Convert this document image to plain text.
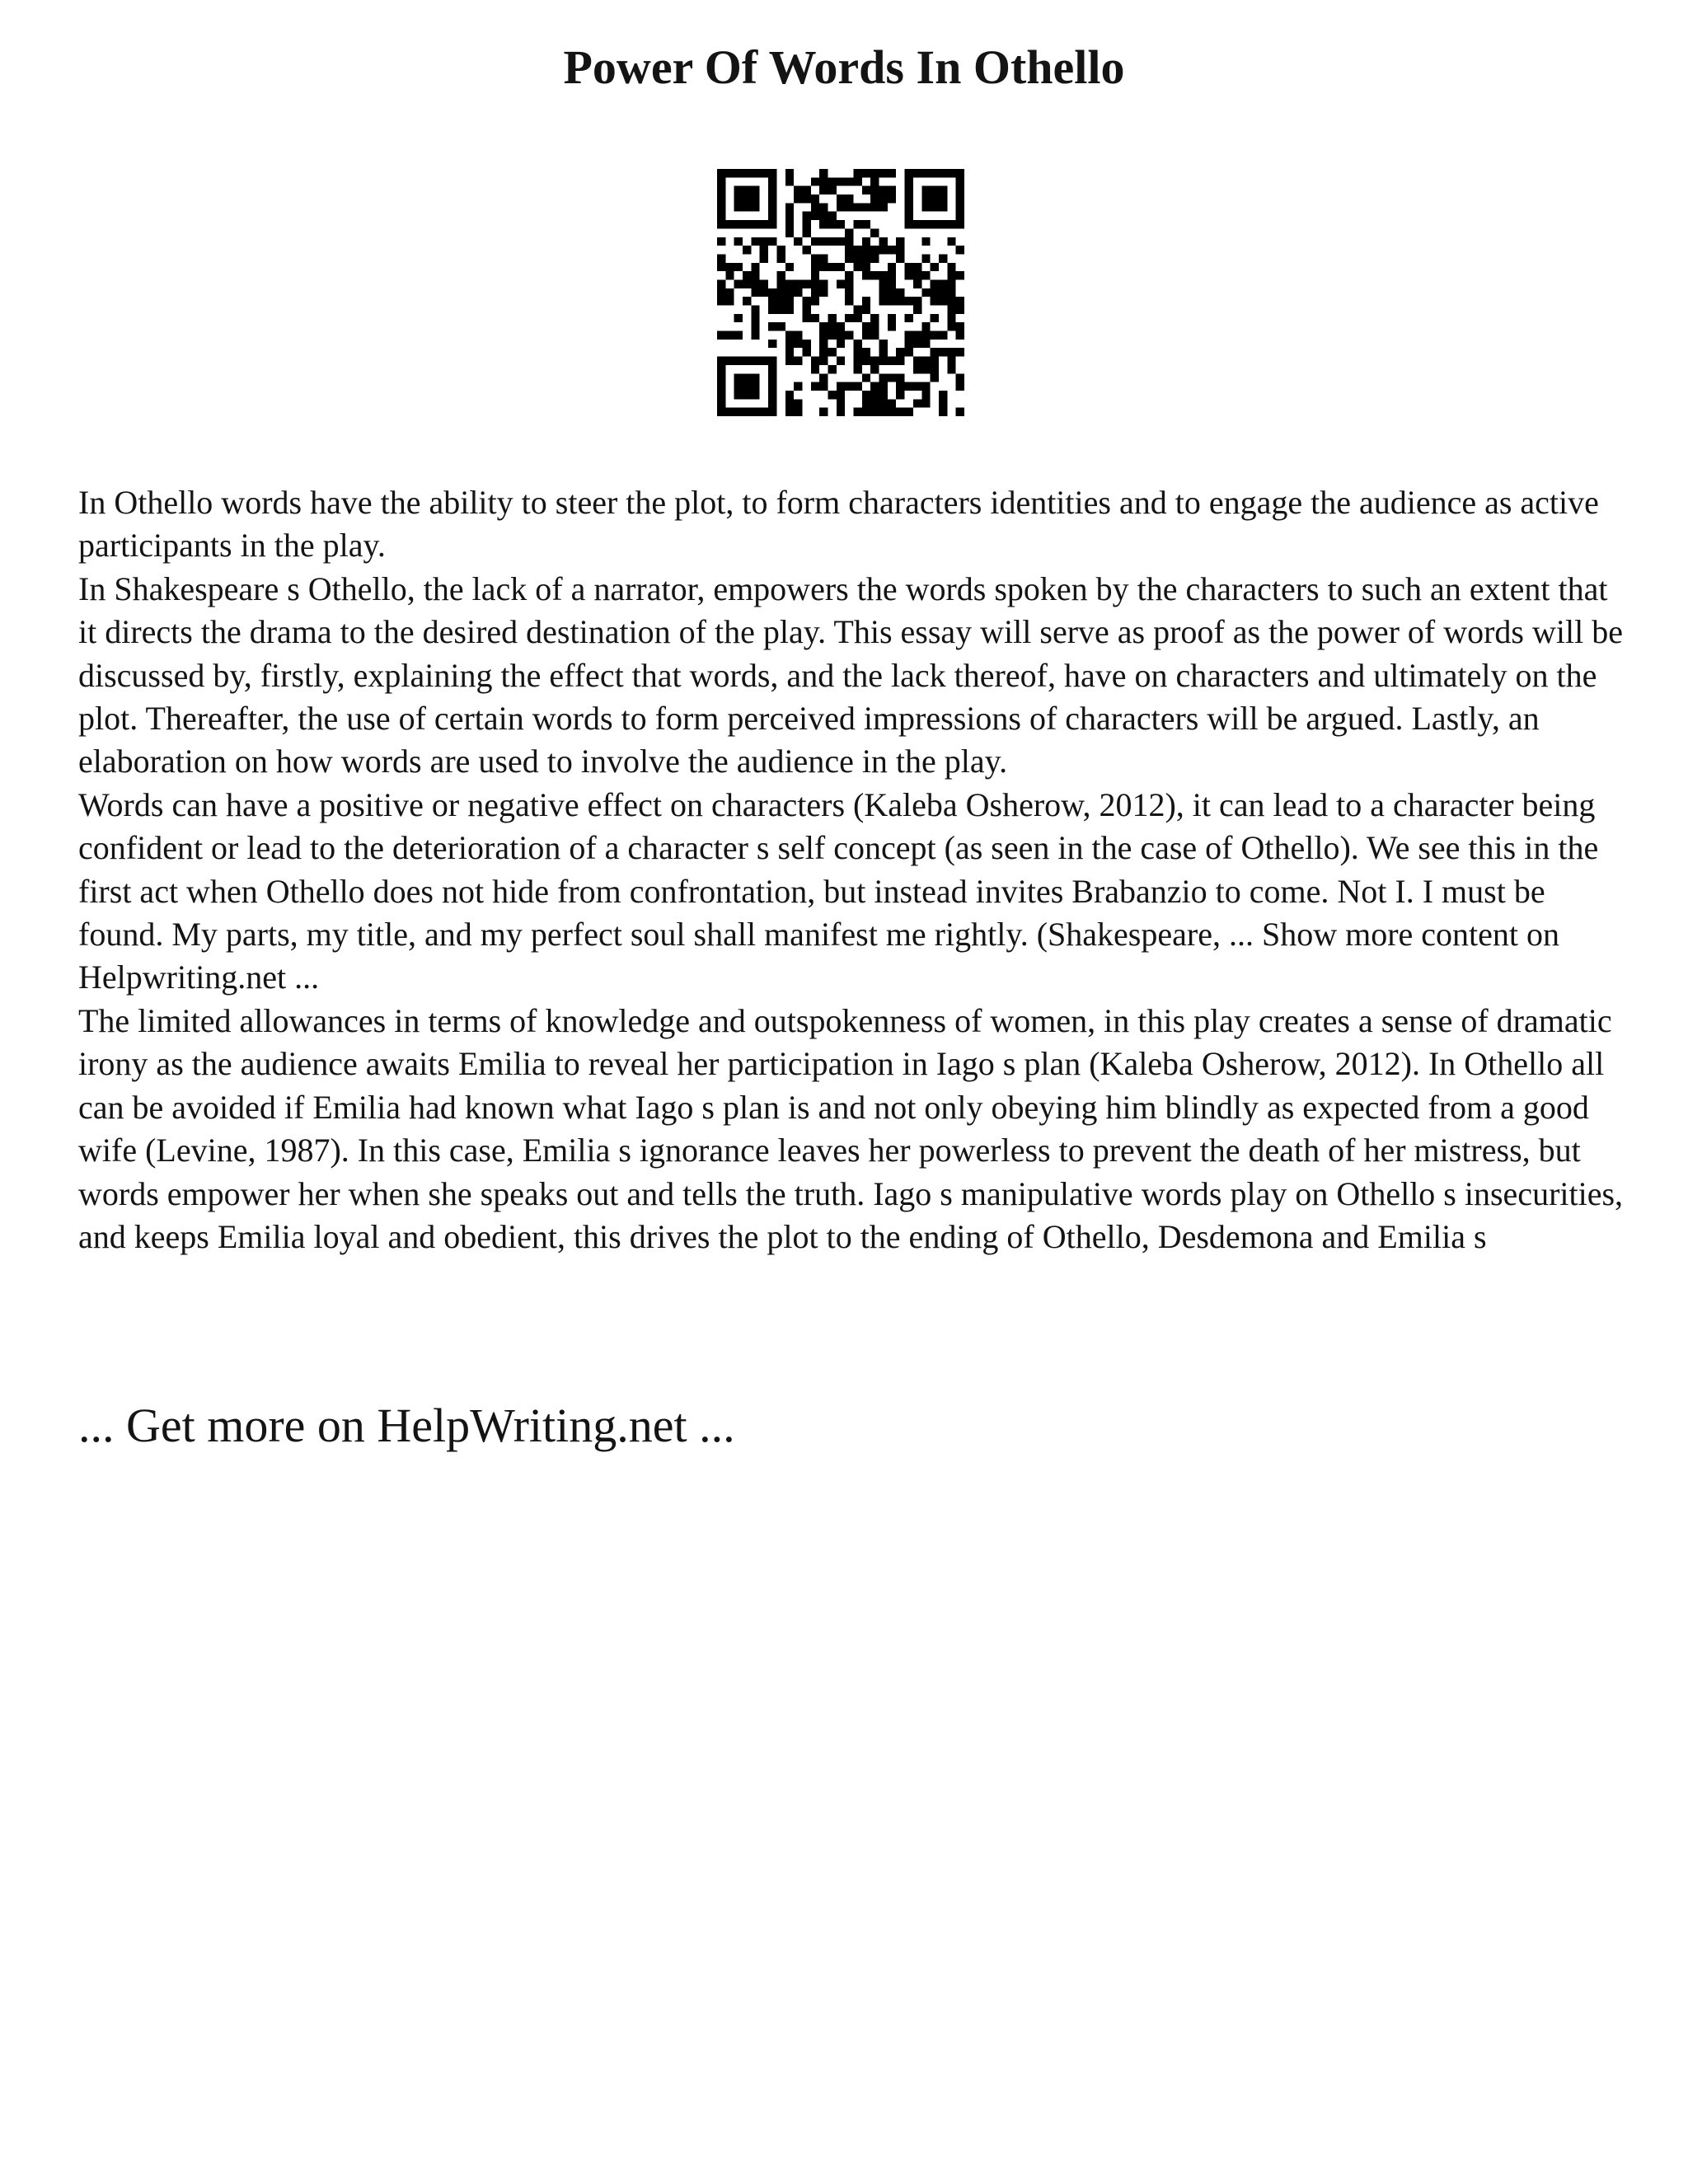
Power Of Words In Othello

In Othello words have the ability to steer the plot, to form characters identities and to engage the audience as active participants in the play.

In Shakespeare s Othello, the lack of a narrator, empowers the words spoken by the characters to such an extent that it directs the drama to the desired destination of the play. This essay will serve as proof as the power of words will be discussed by, firstly, explaining the effect that words, and the lack thereof, have on characters and ultimately on the plot. Thereafter, the use of certain words to form perceived impressions of characters will be argued. Lastly, an elaboration on how words are used to involve the audience in the play.

Words can have a positive or negative effect on characters (Kaleba Osherow, 2012), it can lead to a character being confident or lead to the deterioration of a character s self concept (as seen in the case of Othello). We see this in the first act when Othello does not hide from confrontation, but instead invites Brabanzio to come. Not I. I must be found. My parts, my title, and my perfect soul shall manifest me rightly. (Shakespeare, ... Show more content on Helpwriting.net ...

The limited allowances in terms of knowledge and outspokenness of women, in this play creates a sense of dramatic irony as the audience awaits Emilia to reveal her participation in Iago s plan (Kaleba Osherow, 2012). In Othello all can be avoided if Emilia had known what Iago s plan is and not only obeying him blindly as expected from a good wife (Levine, 1987). In this case, Emilia s ignorance leaves her powerless to prevent the death of her mistress, but words empower her when she speaks out and tells the truth. Iago s manipulative words play on Othello s insecurities, and keeps Emilia loyal and obedient, this drives the plot to the ending of Othello, Desdemona and Emilia s

... Get more on HelpWriting.net ...
